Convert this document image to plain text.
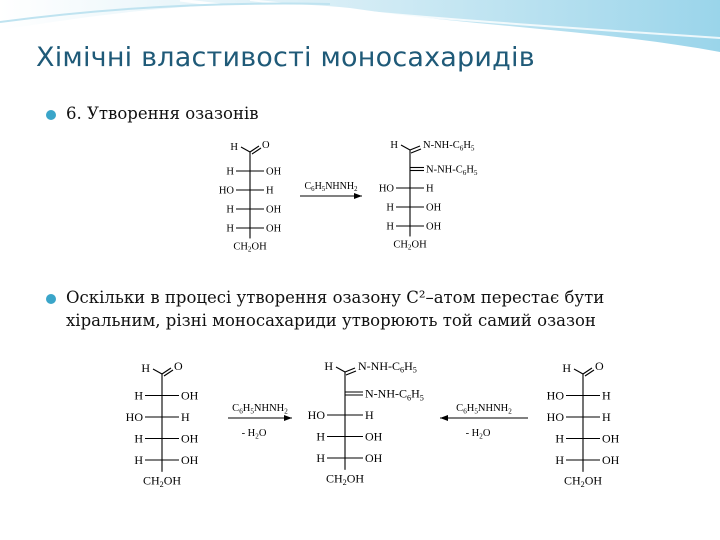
Хімічні властивості моносахаридів
6. Утворення озазонів
Оскільки в процесі утворення озазону С²–атом перестає бути
хіральним, різні моносахариди утворюють той самий озазон
H O
H	OH
HO	H
H	OH
H	OH
$CH_2OH$
$C_6H_5NHNH_2$
H $N-NH-C_6H_5$
$N-NH-C_6H_5$
HO	H
H	OH
H	OH
$CH_2OH$
H O
H	OH
HO	H
H	OH
H	OH
$CH_2OH$
$C_6H_5NHNH_2$
- $H_2O$
H $N-NH-C_6H_5$
$N-NH-C_6H_5$
HO	H
H	OH
H	OH
$CH_2OH$
$C_6H_5NHNH_2$
- $H_2O$
H O
HO	H
HO	H
H	OH
H	OH
$CH_2OH$
